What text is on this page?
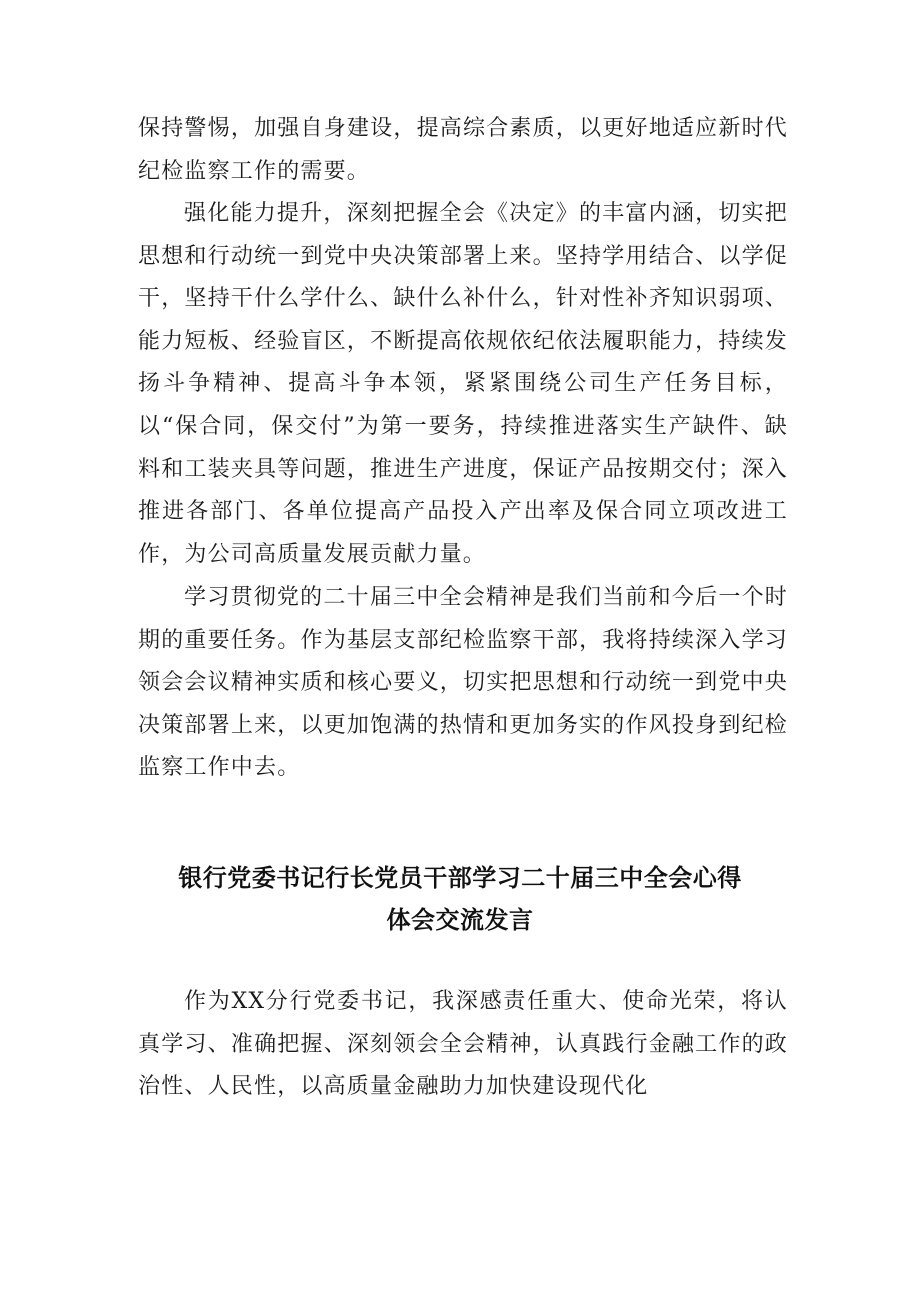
保持警惕，加强自身建设，提高综合素质，以更好地适应新时代纪检监察工作的需要。

强化能力提升，深刻把握全会《决定》的丰富内涵，切实把思想和行动统一到党中央决策部署上来。坚持学用结合、以学促干，坚持干什么学什么、缺什么补什么，针对性补齐知识弱项、能力短板、经验盲区，不断提高依规依纪依法履职能力，持续发扬斗争精神、提高斗争本领，紧紧围绕公司生产任务目标，以“保合同，保交付”为第一要务，持续推进落实生产缺件、缺料和工装夹具等问题，推进生产进度，保证产品按期交付；深入推进各部门、各单位提高产品投入产出率及保合同立项改进工作，为公司高质量发展贡献力量。

学习贯彻党的二十届三中全会精神是我们当前和今后一个时期的重要任务。作为基层支部纪检监察干部，我将持续深入学习领会会议精神实质和核心要义，切实把思想和行动统一到党中央决策部署上来，以更加饱满的热情和更加务实的作风投身到纪检监察工作中去。

银行党委书记行长党员干部学习二十届三中全会心得
体会交流发言

作为XX分行党委书记，我深感责任重大、使命光荣，将认真学习、准确把握、深刻领会全会精神，认真践行金融工作的政治性、人民性，以高质量金融助力加快建设现代化
